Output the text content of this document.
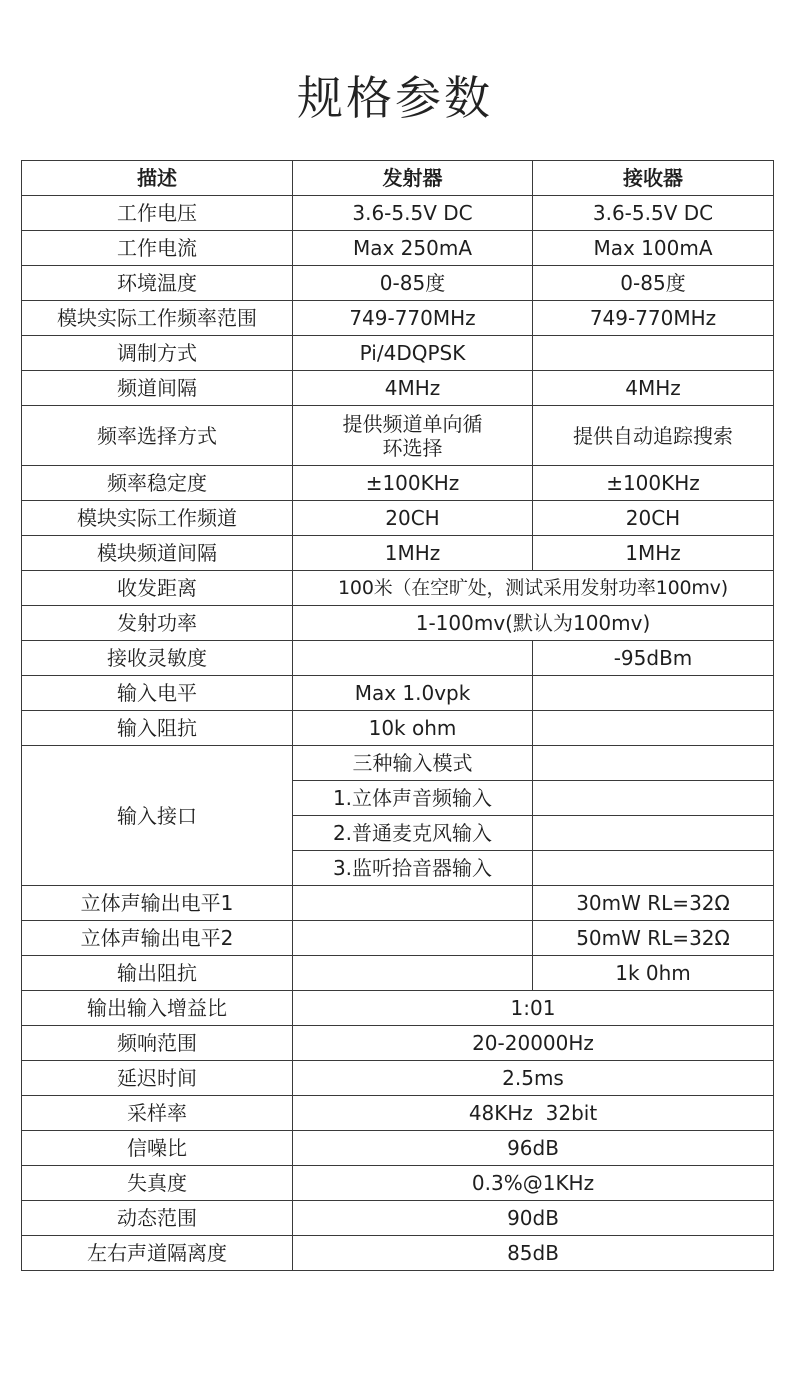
规格参数
描述	发射器	接收器
工作电压	3.6-5.5V DC	3.6-5.5V DC
工作电流	Max 250mA	Max 100mA
环境温度	0-85度	0-85度
模块实际工作频率范围	749-770MHz	749-770MHz
调制方式	Pi/4DQPSK	
频道间隔	4MHz	4MHz
频率选择方式	提供频道单向循环选择	提供自动追踪搜索
频率稳定度	±100KHz	±100KHz
模块实际工作频道	20CH	20CH
模块频道间隔	1MHz	1MHz
收发距离	100米（在空旷处，测试采用发射功率100mv)	
发射功率	1-100mv(默认为100mv)	
接收灵敏度		-95dBm
输入电平	Max 1.0vpk	
输入阻抗	10k ohm	
输入接口	三种输入模式	
	1.立体声音频输入	
	2.普通麦克风输入	
	3.监听拾音器输入	
立体声输出电平1		30mW RL=32Ω
立体声输出电平2		50mW RL=32Ω
输出阻抗		1k 0hm
输出输入增益比	1:01	
频响范围	20-20000Hz	
延迟时间	2.5ms	
采样率	48KHz  32bit	
信噪比	96dB	
失真度	0.3%@1KHz	
动态范围	90dB	
左右声道隔离度	85dB	
